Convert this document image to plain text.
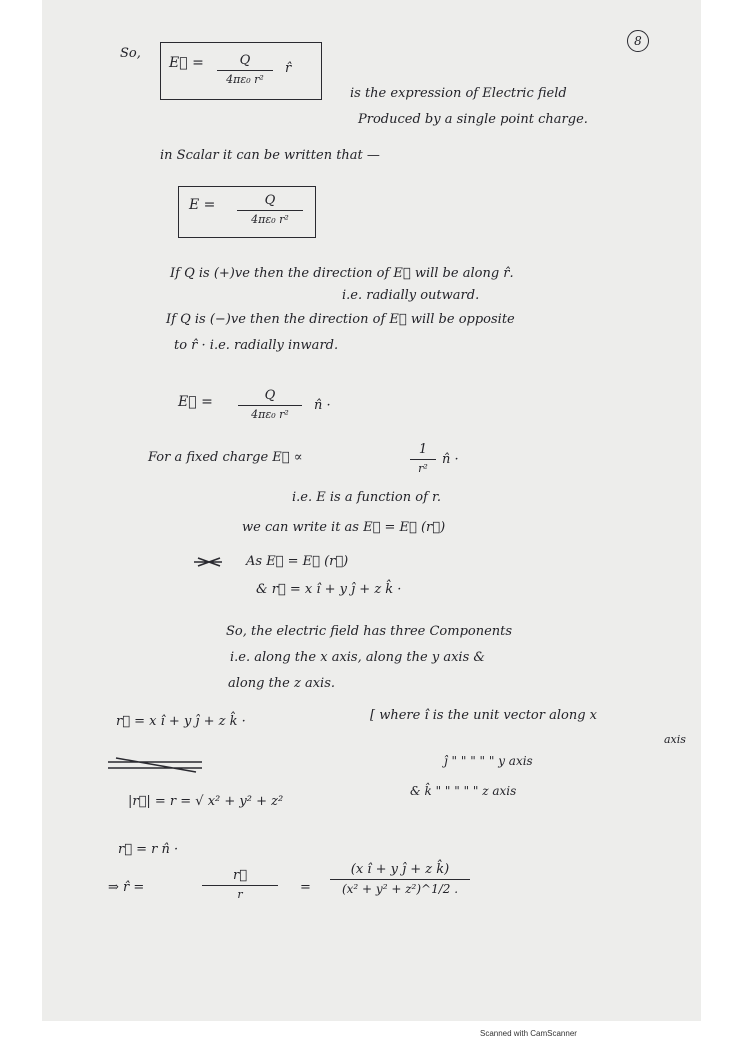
8
So,
E⃗ =	Q
4πε₀ r²
r̂
is the expression of Electric field
Produced by a single point charge.
in Scalar it can be written that —
E =	Q
4πε₀ r²
If Q is (+)ve then the direction of E⃗ will be along r̂.
i.e. radially outward.
If Q is (−)ve then the direction of E⃗ will be opposite
to r̂ · i.e. radially inward.
E⃗ =	Q
4πε₀ r²
n̂ ·
For a fixed charge E⃗ ∝
1
r²
n̂ ·
i.e. E is a function of r.
we can write it as E⃗ = E⃗ (r⃗)
As E⃗ = E⃗ (r⃗)
& r⃗ = x î + y ĵ + z k̂ ·
So, the electric field has three Components
i.e. along the x axis, along the y axis &
along the z axis.
r⃗ = x î + y ĵ + z k̂ ·	[ where î is the unit vector along x
axis
ĵ " " " " " y axis
& k̂ " " " " " z axis
|r⃗| = r = √ x² + y² + z²
r⃗ = r n̂ ·
⇒ r̂ =
r⃗
r	=
(x î + y ĵ + z k̂)
(x² + y² + z²)^1/2 .
Scanned with CamScanner
